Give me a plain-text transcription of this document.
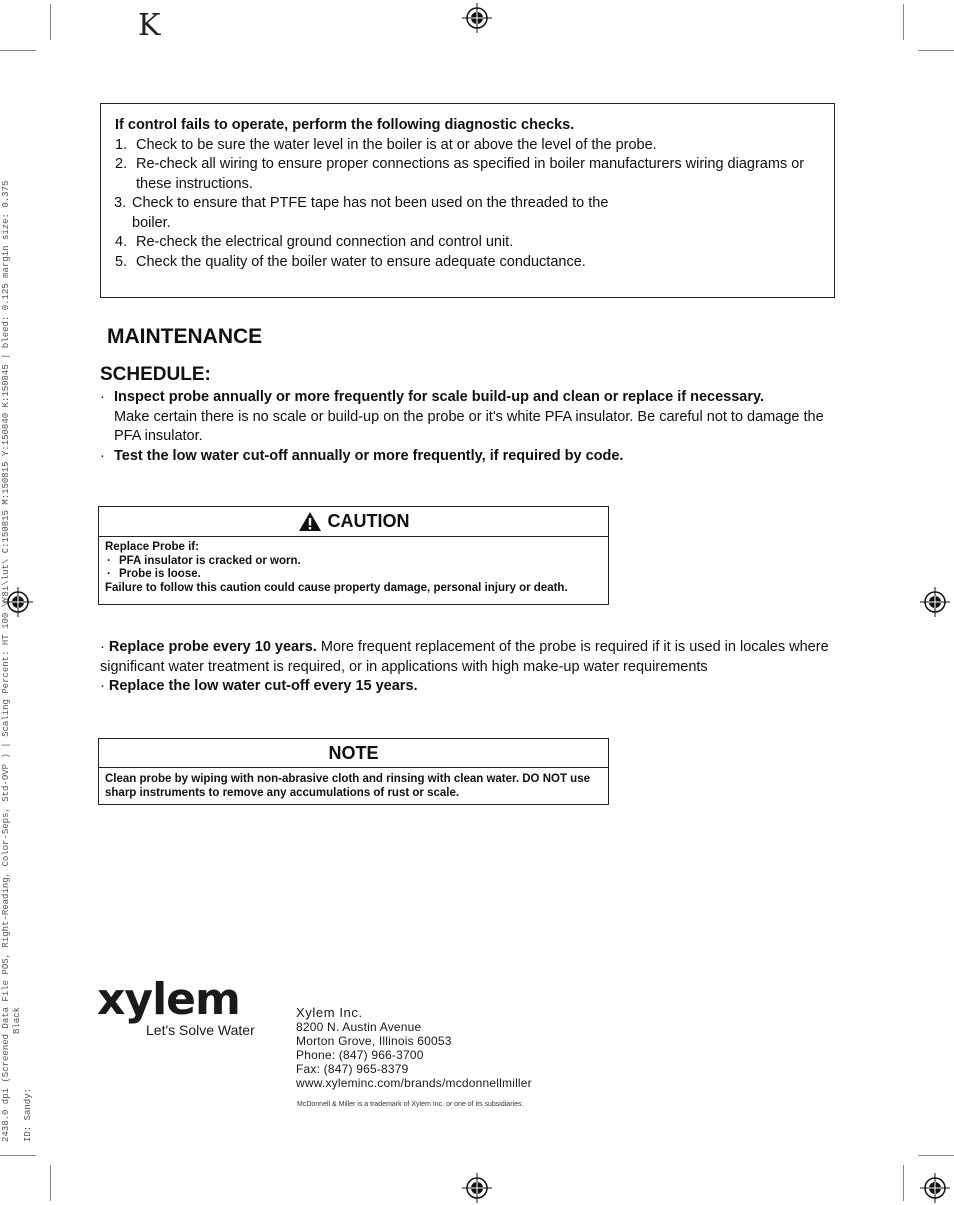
K
2438.0 dpi (Screened Data File POS, Right-Reading, Color-Seps, Std-OVP ) | Scaling Percent: HT 100 \Y8i\lut\ C:150815 M:150815 Y:150840 K:150845 | bleed: 0.125 margin size: 0.375 Black ID: Sandy:
If control fails to operate, perform the following diagnostic checks.
1. Check to be sure the water level in the boiler is at or above the level of the probe.
2. Re-check all wiring to ensure proper connections as specified in boiler manufacturers wiring diagrams or these instructions.
3. Check to ensure that PTFE tape has not been used on the threaded to the boiler.
4. Re-check the electrical ground connection and control unit.
5. Check the quality of the boiler water to ensure adequate conductance.
MAINTENANCE
SCHEDULE:
· Inspect probe annually or more frequently for scale build-up and clean or replace if necessary.
Make certain there is no scale or build-up on the probe or it's white PFA insulator. Be careful not to damage the PFA insulator.
· Test the low water cut-off annually or more frequently, if required by code.
CAUTION
Replace Probe if:
· PFA insulator is cracked or worn.
· Probe is loose.
Failure to follow this caution could cause property damage, personal injury or death.
· Replace probe every 10 years. More frequent replacement of the probe is required if it is used in locales where significant water treatment is required, or in applications with high make-up water requirements
· Replace the low water cut-off every 15 years.
NOTE
Clean probe by wiping with non-abrasive cloth and rinsing with clean water. DO NOT use sharp instruments to remove any accumulations of rust or scale.
xylem
Let's Solve Water
Xylem Inc.
8200 N. Austin Avenue
Morton Grove, Illinois 60053
Phone: (847) 966-3700
Fax: (847) 965-8379
www.xyleminc.com/brands/mcdonnellmiller
McDonnell & Miller is a trademark of Xylem Inc. or one of its subsidiaries.
